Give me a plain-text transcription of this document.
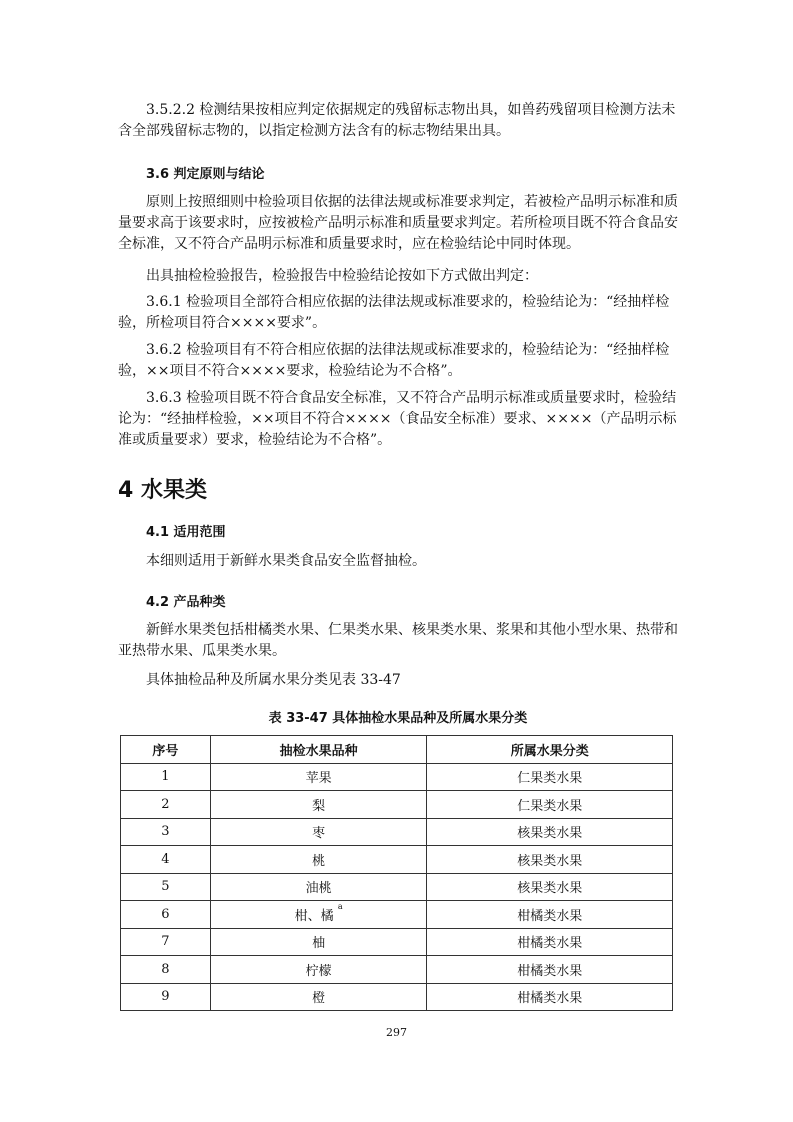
3.5.2.2 检测结果按相应判定依据规定的残留标志物出具，如兽药残留项目检测方法未

含全部残留标志物的，以指定检测方法含有的标志物结果出具。

3.6 判定原则与结论

原则上按照细则中检验项目依据的法律法规或标准要求判定，若被检产品明示标准和质量要求高于该要求时，应按被检产品明示标准和质量要求判定。若所检项目既不符合食品安全标准，又不符合产品明示标准和质量要求时，应在检验结论中同时体现。

出具抽检检验报告，检验报告中检验结论按如下方式做出判定：

3.6.1 检验项目全部符合相应依据的法律法规或标准要求的，检验结论为：“经抽样检验，所检项目符合××××要求”。

3.6.2 检验项目有不符合相应依据的法律法规或标准要求的，检验结论为：“经抽样检验，××项目不符合××××要求，检验结论为不合格”。

3.6.3 检验项目既不符合食品安全标准，又不符合产品明示标准或质量要求时，检验结论为：“经抽样检验，××项目不符合××××（食品安全标准）要求、××××（产品明示标准或质量要求）要求，检验结论为不合格”。

4 水果类
4.1 适用范围

本细则适用于新鲜水果类食品安全监督抽检。

4.2 产品种类

新鲜水果类包括柑橘类水果、仁果类水果、核果类水果、浆果和其他小型水果、热带和亚热带水果、瓜果类水果。

具体抽检品种及所属水果分类见表 33-47

表 33-47 具体抽检水果品种及所属水果分类

序号	抽检水果品种	所属水果分类
1	苹果	仁果类水果
2	梨	仁果类水果
3	枣	核果类水果
4	桃	核果类水果
5	油桃	核果类水果
6	柑、橘 $^a$	柑橘类水果
7	柚	柑橘类水果
8	柠檬	柑橘类水果
9	橙	柑橘类水果
297
